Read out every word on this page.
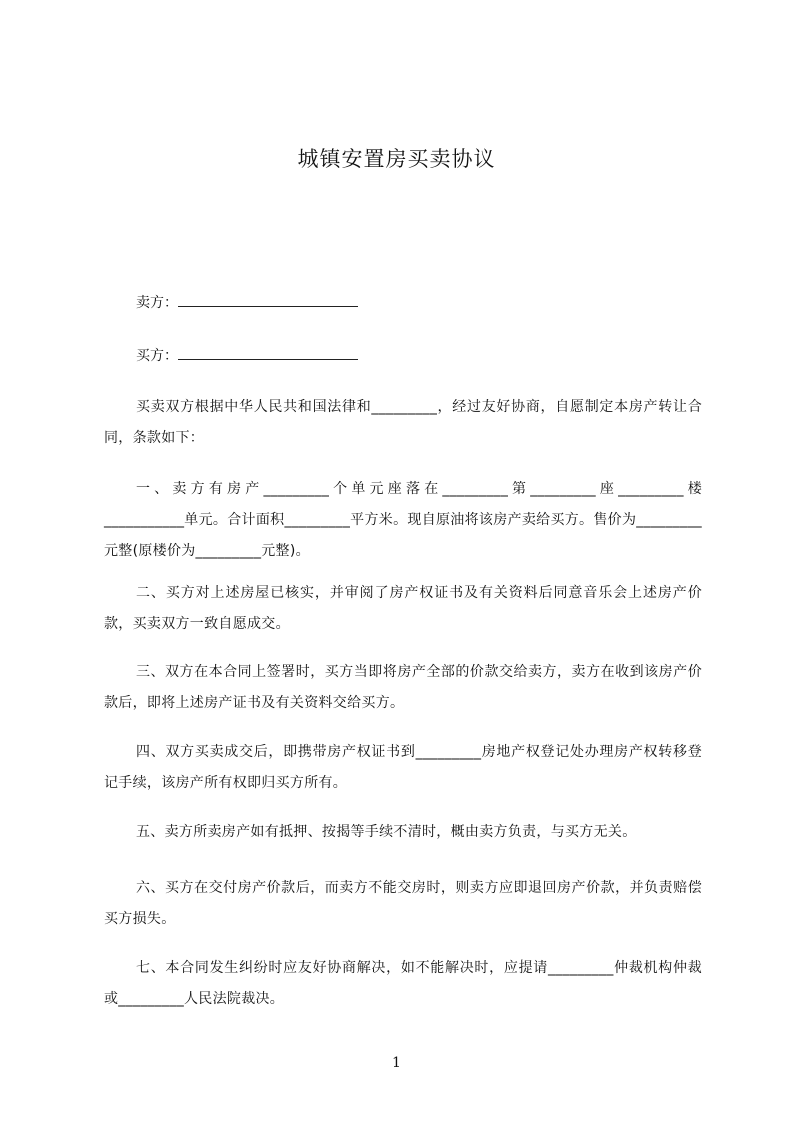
城镇安置房买卖协议
卖方：
买方：

买卖双方根据中华人民共和国法律和_________，经过友好协商，自愿制定本房产转让合同，条款如下：

一、卖方有房产_________个单元座落在_________第_________座_________楼___________单元。合计面积_________平方米。现自原油将该房产卖给买方。售价为_________元整(原楼价为_________元整)。

二、买方对上述房屋已核实，并审阅了房产权证书及有关资料后同意音乐会上述房产价款，买卖双方一致自愿成交。

三、双方在本合同上签署时，买方当即将房产全部的价款交给卖方，卖方在收到该房产价款后，即将上述房产证书及有关资料交给买方。

四、双方买卖成交后，即携带房产权证书到_________房地产权登记处办理房产权转移登记手续，该房产所有权即归买方所有。

五、卖方所卖房产如有抵押、按揭等手续不清时，概由卖方负责，与买方无关。

六、买方在交付房产价款后，而卖方不能交房时，则卖方应即退回房产价款，并负责赔偿买方损失。

七、本合同发生纠纷时应友好协商解决，如不能解决时，应提请_________仲裁机构仲裁或_________人民法院裁决。

1
